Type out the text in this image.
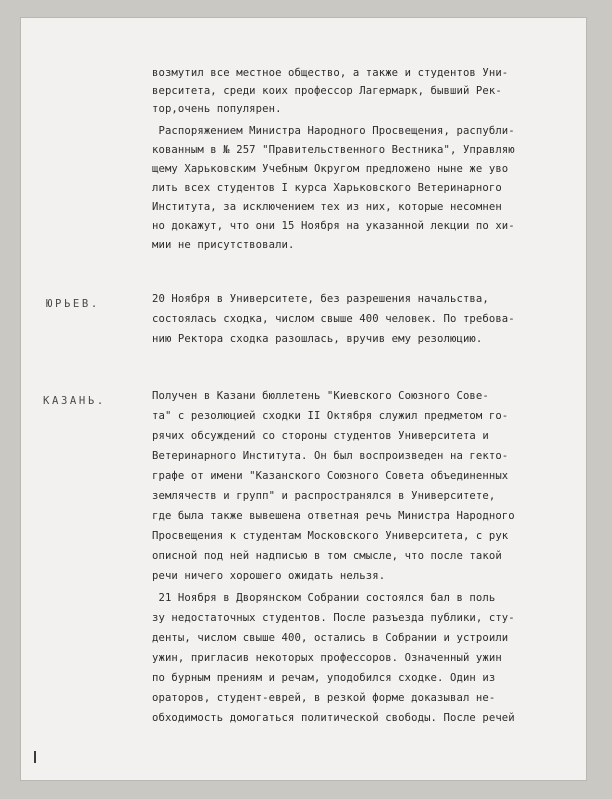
возмутил все местное общество, а также и студентов Уни-
верситета, среди коих профессор Лагермарк, бывший Рек-
тор,очень популярен.
Распоряжением Министра Народного Просвещения, распубли-
кованным в № 257 "Правительственного Вестника", Управляю
щему Харьковским Учебным Округом предложено ныне же уво
лить всех студентов I курса Харьковского Ветеринарного
Института, за исключением тех из них, которые несомнен
но докажут, что они 15 Ноября на указанной лекции по хи-
мии не присутствовали.
ЮРЬЕВ.	20 Ноября в Университете, без разрешения начальства,
состоялась сходка, числом свыше 400 человек. По требова-
нию Ректора сходка разошлась, вручив ему резолюцию.
КАЗАНЬ.	Получен в Казани бюллетень "Киевского Союзного Сове-
та" с резолюцией сходки II Октября служил предметом го-
рячих обсуждений со стороны студентов Университета и
Ветеринарного Института. Он был воспроизведен на гекто-
графе от имени "Казанского Союзного Совета объединенных
землячеств и групп" и распространялся в Университете,
где была также вывешена ответная речь Министра Народного
Просвещения к студентам Московского Университета, с рук
описной под ней надписью в том смысле, что после такой
речи ничего хорошего ожидать нельзя.
21 Ноября в Дворянском Собрании состоялся бал в поль
зу недостаточных студентов. После разъезда публики, сту-
денты, числом свыше 400, остались в Собрании и устроили
ужин, пригласив некоторых профессоров. Означенный ужин
по бурным прениям и речам, уподобился сходке. Один из
ораторов, студент-еврей, в резкой форме доказывал не-
обходимость домогаться политической свободы. После речей
